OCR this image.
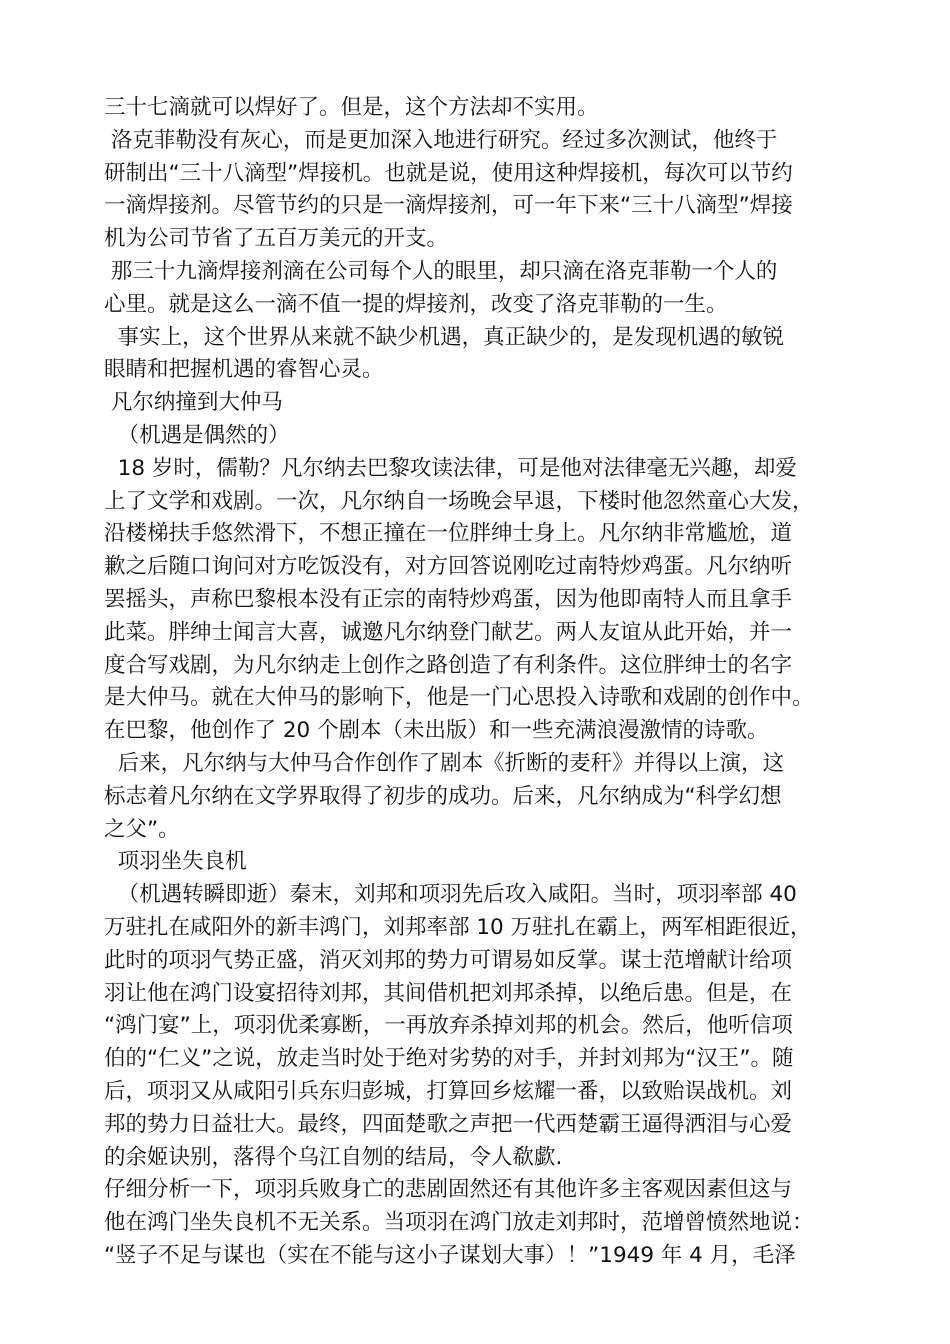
三十七滴就可以焊好了。但是，这个方法却不实用。
洛克菲勒没有灰心，而是更加深入地进行研究。经过多次测试，他终于
研制出“三十八滴型”焊接机。也就是说，使用这种焊接机，每次可以节约
一滴焊接剂。尽管节约的只是一滴焊接剂，可一年下来“三十八滴型”焊接
机为公司节省了五百万美元的开支。
那三十九滴焊接剂滴在公司每个人的眼里，却只滴在洛克菲勒一个人的
心里。就是这么一滴不值一提的焊接剂，改变了洛克菲勒的一生。
事实上，这个世界从来就不缺少机遇，真正缺少的，是发现机遇的敏锐
眼睛和把握机遇的睿智心灵。
凡尔纳撞到大仲马
（机遇是偶然的）
18 岁时，儒勒？凡尔纳去巴黎攻读法律，可是他对法律毫无兴趣，却爱
上了文学和戏剧。一次，凡尔纳自一场晚会早退，下楼时他忽然童心大发，
沿楼梯扶手悠然滑下，不想正撞在一位胖绅士身上。凡尔纳非常尴尬，道
歉之后随口询问对方吃饭没有，对方回答说刚吃过南特炒鸡蛋。凡尔纳听
罢摇头，声称巴黎根本没有正宗的南特炒鸡蛋，因为他即南特人而且拿手
此菜。胖绅士闻言大喜，诚邀凡尔纳登门献艺。两人友谊从此开始，并一
度合写戏剧，为凡尔纳走上创作之路创造了有利条件。这位胖绅士的名字
是大仲马。就在大仲马的影响下，他是一门心思投入诗歌和戏剧的创作中。
在巴黎，他创作了 20 个剧本（未出版）和一些充满浪漫激情的诗歌。
后来，凡尔纳与大仲马合作创作了剧本《折断的麦秆》并得以上演，这
标志着凡尔纳在文学界取得了初步的成功。后来，凡尔纳成为“科学幻想
之父”。
项羽坐失良机
（机遇转瞬即逝）秦末，刘邦和项羽先后攻入咸阳。当时，项羽率部 40
万驻扎在咸阳外的新丰鸿门，刘邦率部 10 万驻扎在霸上，两军相距很近，
此时的项羽气势正盛，消灭刘邦的势力可谓易如反掌。谋士范增献计给项
羽让他在鸿门设宴招待刘邦，其间借机把刘邦杀掉，以绝后患。但是，在
“鸿门宴”上，项羽优柔寡断，一再放弃杀掉刘邦的机会。然后，他听信项
伯的“仁义”之说，放走当时处于绝对劣势的对手，并封刘邦为“汉王”。随
后，项羽又从咸阳引兵东归彭城，打算回乡炫耀一番，以致贻误战机。刘
邦的势力日益壮大。最终，四面楚歌之声把一代西楚霸王逼得洒泪与心爱
的余姬诀别，落得个乌江自刎的结局，令人欷歔.
仔细分析一下，项羽兵败身亡的悲剧固然还有其他许多主客观因素但这与
他在鸿门坐失良机不无关系。当项羽在鸿门放走刘邦时，范增曾愤然地说：
“竖子不足与谋也（实在不能与这小子谋划大事）！”1949 年 4 月，毛泽
